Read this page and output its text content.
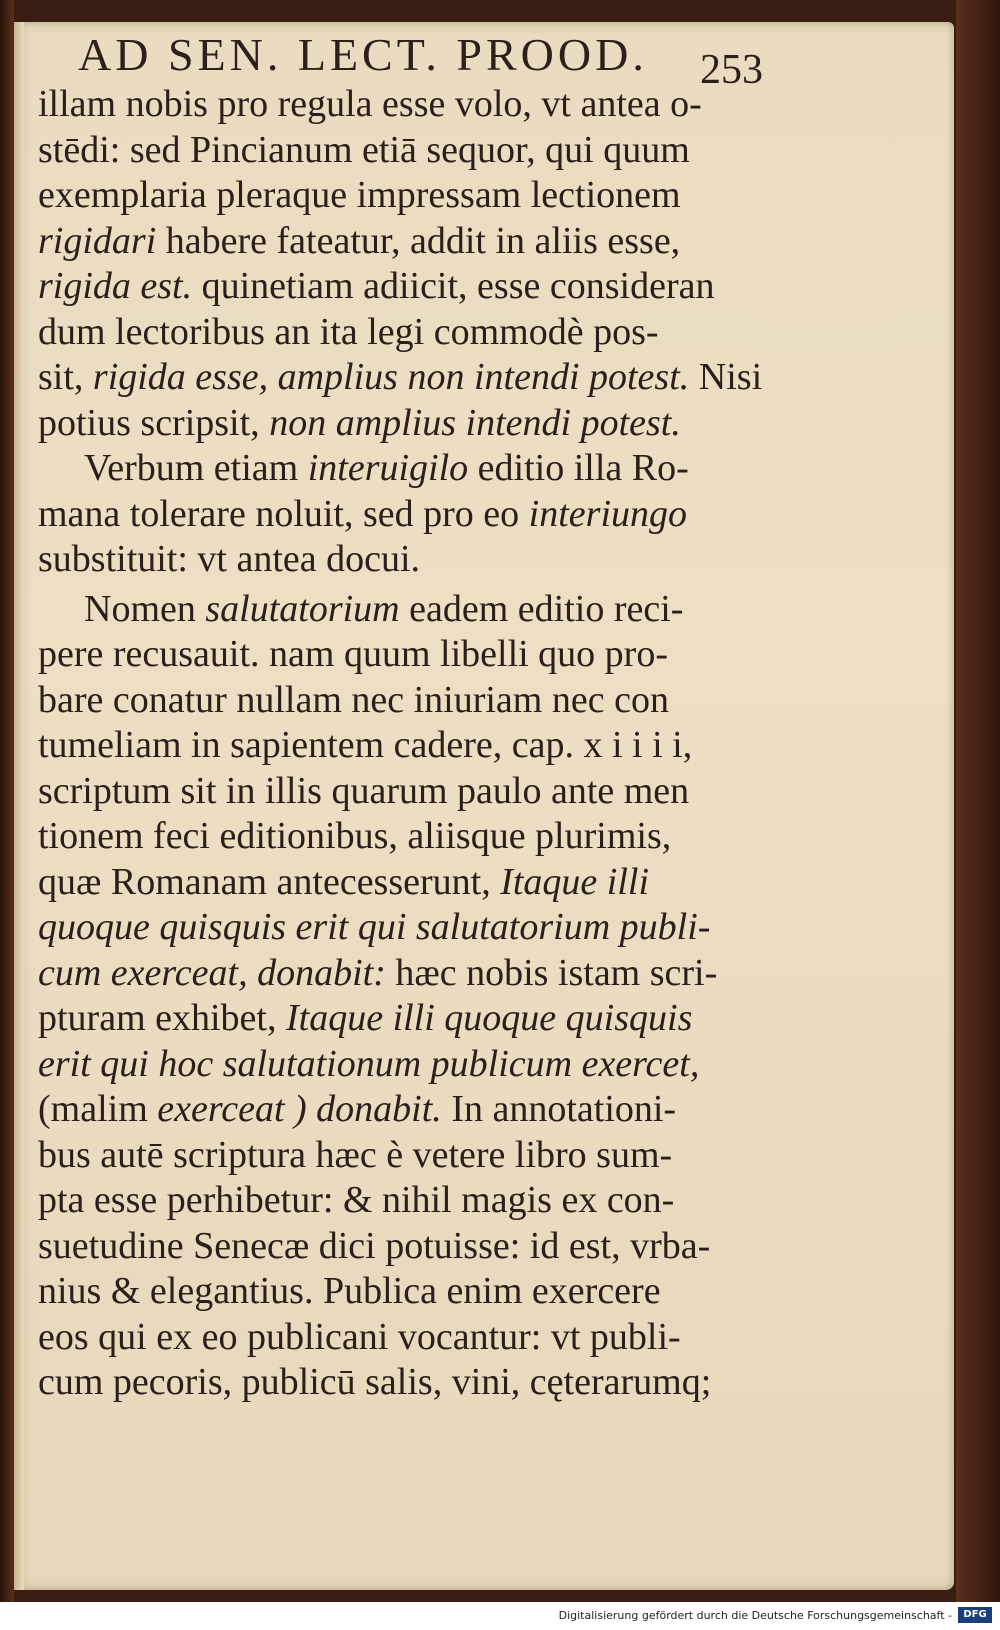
AD SEN. LECT. PROOD.	253
illam nobis pro regula esse volo, vt antea o-
stēdi: sed Pincianum etiā sequor, qui quum
exemplaria pleraque impressam lectionem
rigidari habere fateatur, addit in aliis esse,
rigida est. quinetiam adiicit, esse consideran
dum lectoribus an ita legi commodè pos-
sit, rigida esse, amplius non intendi potest. Nisi
potius scripsit, non amplius intendi potest.
Verbum etiam interuigilo editio illa Ro-
mana tolerare noluit, sed pro eo interiungo
substituit: vt antea docui.
Nomen salutatorium eadem editio reci-
pere recusauit. nam quum libelli quo pro-
bare conatur nullam nec iniuriam nec con
tumeliam in sapientem cadere, cap. x i i i i,
scriptum sit in illis quarum paulo ante men
tionem feci editionibus, aliisque plurimis,
quæ Romanam antecesserunt, Itaque illi
quoque quisquis erit qui salutatorium publi-
cum exerceat, donabit: hæc nobis istam scri-
pturam exhibet, Itaque illi quoque quisquis
erit qui hoc salutationum publicum exercet,
(malim exerceat ) donabit. In annotationi-
bus autē scriptura hæc è vetere libro sum-
pta esse perhibetur: & nihil magis ex con-
suetudine Senecæ dici potuisse: id est, vrba-
nius & elegantius. Publica enim exercere
eos qui ex eo publicani vocantur: vt publi-
cum pecoris, publicū salis, vini, cęterarumq;
Digitalisierung gefördert durch die Deutsche Forschungsgemeinschaft -	DFG
